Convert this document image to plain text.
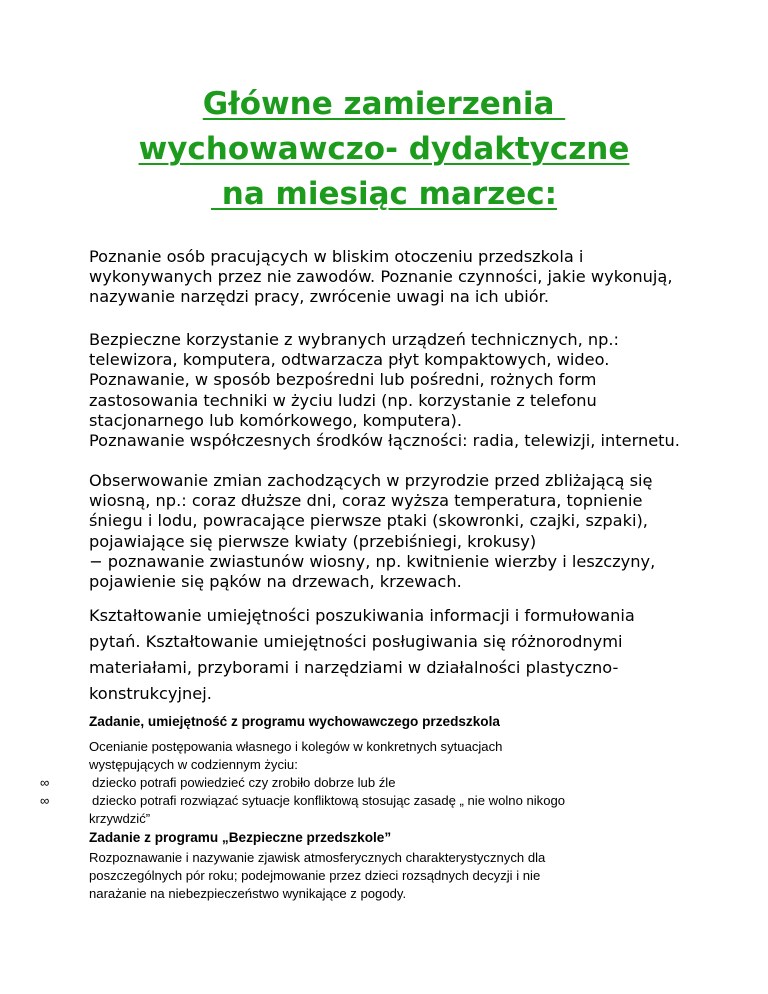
Główne zamierzenia
wychowawczo- dydaktyczne
na miesiąc marzec:
Poznanie osób pracujących w bliskim otoczeniu przedszkola i
wykonywanych przez nie zawodów. Poznanie czynności, jakie wykonują,
nazywanie narzędzi pracy, zwrócenie uwagi na ich ubiór.
Bezpieczne korzystanie z wybranych urządzeń technicznych, np.:
telewizora, komputera, odtwarzacza płyt kompaktowych, wideo.
Poznawanie, w sposób bezpośredni lub pośredni, rożnych form
zastosowania techniki w życiu ludzi (np. korzystanie z telefonu
stacjonarnego lub komórkowego, komputera).
Poznawanie współczesnych środków łączności: radia, telewizji, internetu.
Obserwowanie zmian zachodzących w przyrodzie przed zbliżającą się
wiosną, np.: coraz dłuższe dni, coraz wyższa temperatura, topnienie
śniegu i lodu, powracające pierwsze ptaki (skowronki, czajki, szpaki),
pojawiające się pierwsze kwiaty (przebiśniegi, krokusy)
− poznawanie zwiastunów wiosny, np. kwitnienie wierzby i leszczyny,
pojawienie się pąków na drzewach, krzewach.
Kształtowanie umiejętności poszukiwania informacji i formułowania
pytań. Kształtowanie umiejętności posługiwania się różnorodnymi
materiałami, przyborami i narzędziami w działalności plastyczno-
konstrukcyjnej.
Zadanie, umiejętność z programu wychowawczego przedszkola
Ocenianie postępowania własnego i kolegów w konkretnych sytuacjach
występujących w codziennym życiu:
∞	dziecko potrafi powiedzieć czy zrobiło dobrze lub źle
∞	dziecko potrafi rozwiązać sytuacje konfliktową stosując zasadę „ nie wolno nikogo
krzywdzić”
Zadanie z programu „Bezpieczne przedszkole”
Rozpoznawanie i nazywanie zjawisk atmosferycznych charakterystycznych dla
poszczególnych pór roku; podejmowanie przez dzieci rozsądnych decyzji i nie
narażanie na niebezpieczeństwo wynikające z pogody.
